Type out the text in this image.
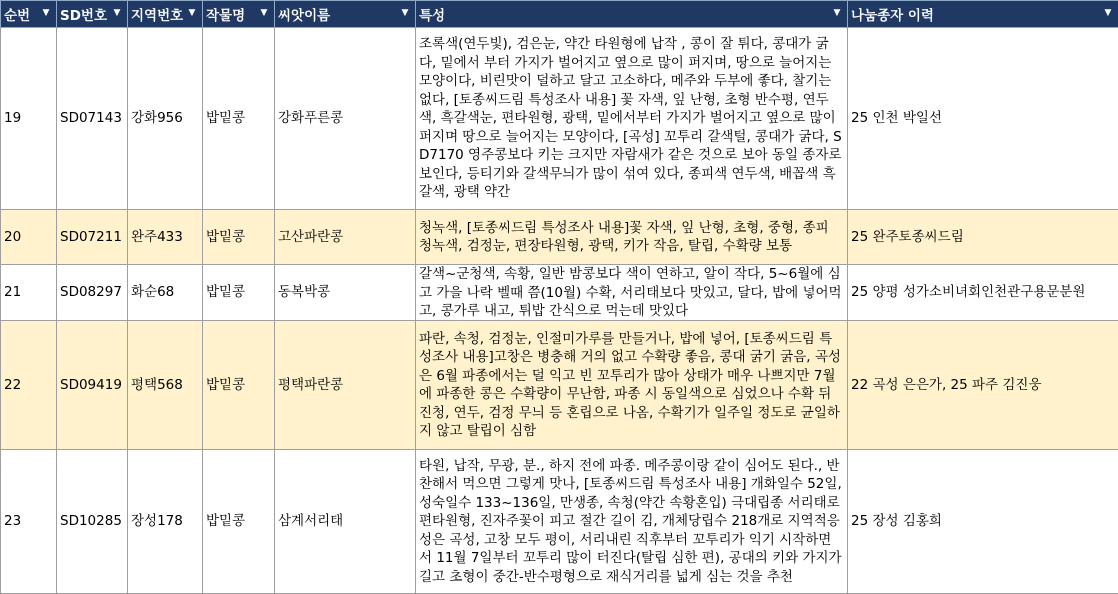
순번 ▼	SD번호 ▼	지역번호 ▼	작물명 ▼	씨앗이름 ▼	특성 ▼	나눔종자 이력 ▼

19	SD07143	강화956	밥밑콩	강화푸른콩	조록색(연두빛), 검은눈, 약간 타원형에 납작 , 콩이 잘 튀다, 콩대가 굵다, 밑에서 부터 가지가 벌어지고 옆으로 많이 퍼지며, 땅으로 늘어지는 모양이다, 비린맛이 덜하고 달고 고소하다, 메주와 두부에 좋다, 찰기는 없다, [토종씨드림 특성조사 내용] 꽃 자색, 잎 난형, 초형 반수평, 연두색, 흑갈색눈, 편타원형, 광택, 밑에서부터 가지가 벌어지고 옆으로 많이 퍼지며 땅으로 늘어지는 모양이다, [곡성] 꼬투리 갈색털, 콩대가 굵다, SD7170 영주콩보다 키는 크지만 자람새가 같은 것으로 보아 동일 종자로 보인다, 등티기와 갈색무늬가 많이 섞여 있다, 종피색 연두색, 배꼽색 흑갈색, 광택 약간	25 인천 박일선
20	SD07211	완주433	밥밑콩	고산파란콩	청녹색, [토종씨드림 특성조사 내용]꽃 자색, 잎 난형, 초형, 중형, 종피 청녹색, 검정눈, 편장타원형, 광택, 키가 작음, 탈립, 수확량 보통	25 완주토종씨드림
21	SD08297	화순68	밥밑콩	동복박콩	갈색~군청색, 속황, 일반 밤콩보다 색이 연하고, 알이 작다, 5~6월에 심고 가을 나락 벨때 쯤(10월) 수확, 서리태보다 맛있고, 달다, 밥에 넣어먹고, 콩가루 내고, 튀밥 간식으로 먹는데 맛있다	25 양평 성가소비녀회인천관구용문분원
22	SD09419	평택568	밥밑콩	평택파란콩	파란, 속청, 검정눈, 인절미가루를 만들거나, 밥에 넣어, [토종씨드림 특성조사 내용]고창은 병충해 거의 없고 수확량 좋음, 콩대 굵기 굵음, 곡성은 6월 파종에서는 덜 익고 빈 꼬투리가 많아 상태가 매우 나쁘지만 7월에 파종한 콩은 수확량이 무난함, 파종 시 동일색으로 심었으나 수확 뒤 진청, 연두, 검정 무늬 등 혼립으로 나옴, 수확기가 일주일 정도로 균일하지 않고 탈립이 심함	22 곡성 은은가, 25 파주 김진웅
23	SD10285	장성178	밥밑콩	삼계서리태	타원, 납작, 무광, 분., 하지 전에 파종. 메주콩이랑 같이 심어도 된다., 반찬해서 먹으면 그렇게 맛나, [토종씨드림 특성조사 내용] 개화일수 52일, 성숙일수 133~136일, 만생종, 속청(약간 속황혼입) 극대립종 서리태로 편타원형, 진자주꽃이 피고 절간 길이 김, 개체당립수 218개로 지역적응성은 곡성, 고창 모두 평이, 서리내린 직후부터 꼬투리가 익기 시작하면서 11월 7일부터 꼬투리 많이 터진다(탈립 심한 편), 공대의 키와 가지가 길고 초형이 중간-반수평형으로 재식거리를 넓게 심는 것을 추천	25 장성 김홍희
